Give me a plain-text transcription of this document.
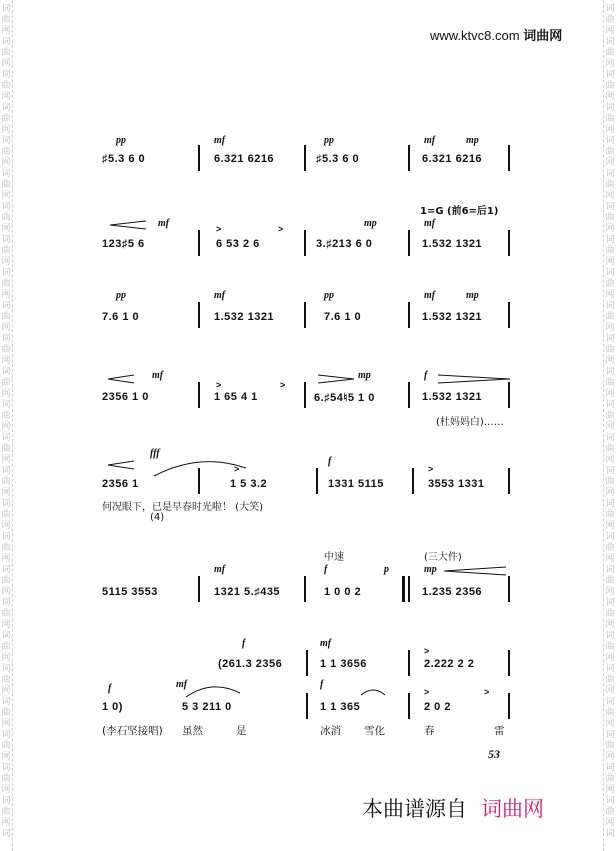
词
曲
网
词
曲
网
词
曲
网
词
曲
网
词
曲
网
词
曲
网
词
曲
网
词
曲
网
词
曲
网
词
曲
网
词
曲
网
词
曲
网
词
曲
网
词
曲
网
词
曲
网
词
曲
网
词
曲
网
词
曲
网
词
曲
网
词
曲
网
词
曲
网
词
曲
网
词
曲
网
词
曲
网
词
曲
网
词
词
曲
网
词
曲
网
词
曲
网
词
曲
网
词
曲
网
词
曲
网
词
曲
网
词
曲
网
词
曲
网
词
曲
网
词
曲
网
词
曲
网
词
曲
网
词
曲
网
词
曲
网
词
曲
网
词
曲
网
词
曲
网
词
曲
网
词
曲
网
词
曲
网
词
曲
网
词
曲
网
词
曲
网
词
曲
网
词
www.ktvc8.com 词曲网
pp	mf	pp	mf	mp
♯5.3 6 0	6.321 6216	♯5.3 6 0	6.321 6216
1=G (前6=后1)
mf	mp	mf
>	>
123♯5 6	6 53 2 6	3.♯213 6 0	1.532 1321
pp	mf	pp	mf	mp
7.6 1 0	1.532 1321	7.6 1 0	1.532 1321
mf	mp	f
>	>
2356 1 0	1 65 4 1	6.♯54♮5 1 0	1.532 1321
(杜妈妈白)……
fff
f
>	>
2356 1	1 5 3.2	1331 5115	3553 1331
何况眼下，已是早春时光啦！ (大笑)
(4)
中速	(三大件)
mf	f	p	mp
5115 3553	1321 5.♯435	1 0 0 2	1.235 2356
f	mf
>
(261.3 2356	1 1 3656	2.222 2 2
f	mf	f
>	>
1 0)	5 3 211 0	1 1 365	2 0 2
(李石坚接唱) 虽然	是	冰消 雪化	春	雷
53
本曲谱源自 词曲网
